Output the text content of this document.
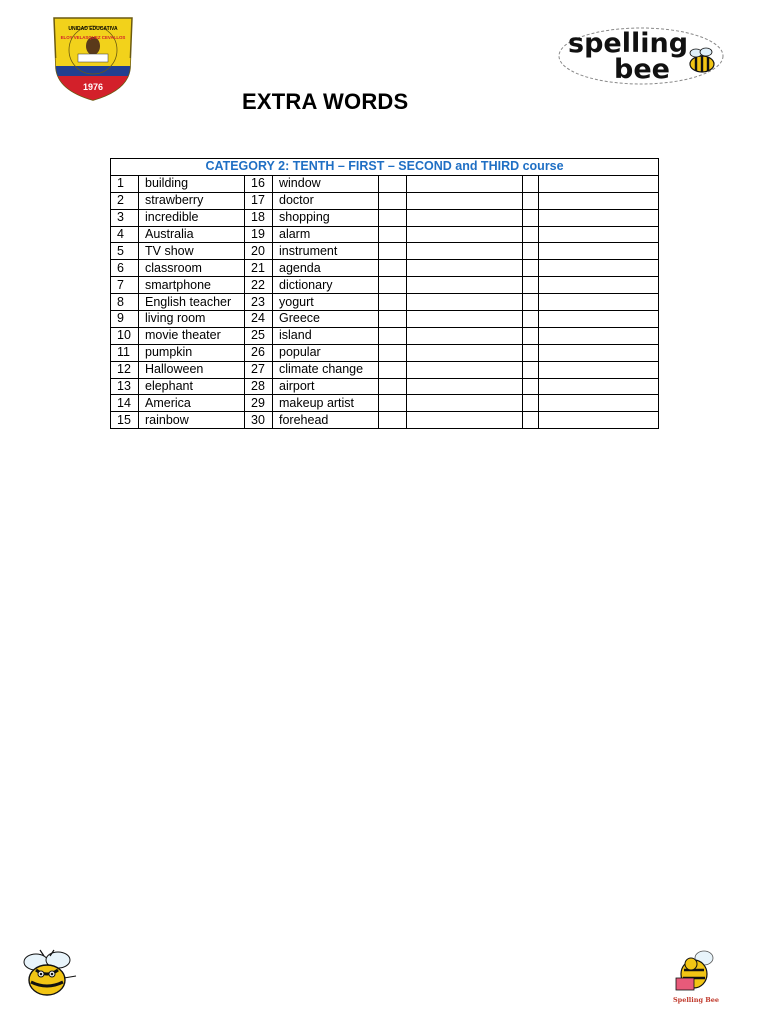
UNIDAD EDUCATIVA
ELOY VELASQUEZ CEVALLOS
1976
spelling
bee
EXTRA WORDS
CATEGORY 2: TENTH – FIRST – SECOND and THIRD course							
1	building	16	window				
2	strawberry	17	doctor				
3	incredible	18	shopping				
4	Australia	19	alarm				
5	TV show	20	instrument				
6	classroom	21	agenda				
7	smartphone	22	dictionary				
8	English teacher	23	yogurt				
9	living room	24	Greece				
10	movie theater	25	island				
11	pumpkin	26	popular				
12	Halloween	27	climate change				
13	elephant	28	airport				
14	America	29	makeup artist				
15	rainbow	30	forehead				
Spelling Bee
